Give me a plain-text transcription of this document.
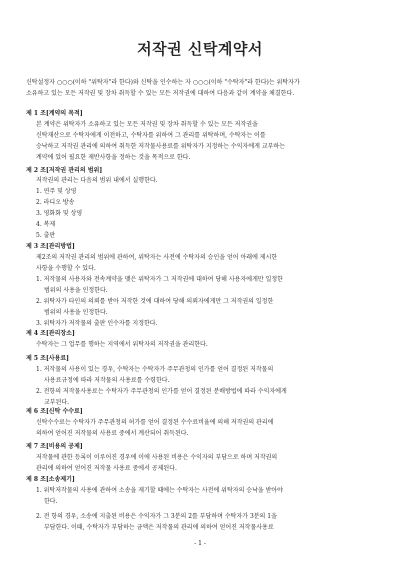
저작권 신탁계약서
신탁설정자 ○○○(이하 "위탁자"라 한다)와 신탁을 인수하는 자 ○○○(이하 "수탁자"라 한다)는 위탁자가
소유하고 있는 모든 저작권 및 장차 취득할 수 있는 모든 저작권에 대하여 다음과 같이 계약을 체결한다.
제 1 조[계약의 목적]
본 계약은 위탁자가 소유하고 있는 모든 저작권 및 장차 취득할 수 있는 모든 저작권을
신탁재산으로 수탁자에게 이전하고, 수탁자를 위하여 그 관리를 위탁하며, 수탁자는 이를
승낙하고 저작권 관리에 의하여 취득한 저작물사용료를 위탁자가 지정하는 수익자에게 교부하는
계약에 있어 필요한 제반사항을 정하는 것을 목적으로 한다.
제 2 조[저작권 관리의 범위]
저작권의 관리는 다음의 범위 내에서 실행한다.
1. 연주 및 상영
2. 라디오 방송
3. 영화화 및 상영
4. 복제
5. 출판
제 3 조[관리방법]
제2조의 저작권 관리의 범위에 관하여, 위탁자는 사전에 수탁자의 승인을 얻어 아래에 제시한
사항을 수행할 수 있다.
1. 저작물의 사용자와 전속계약을 맺은 위탁자가 그 저작권에 대하여 당해 사용자에게만 일정한
범위의 사용을 인정한다.
2. 위탁자가 타인의 의뢰를 받아 저작한 것에 대하여 당해 의뢰자에게만 그 저작권의 일정한
범위의 사용을 인정한다.
3. 위탁자가 저작물의 출판 인수자를 지정한다.
제 4 조[관리장소]
수탁자는 그 업무를 행하는 지역에서 위탁자의 저작권을 관리한다.
제 5 조[사용료]
1. 저작물의 사용이 있는 경우, 수탁자는 수탁자가 주무관청의 인가를 얻어 결정된 저작물의
사용료규정에 따라 저작물의 사용료를 수령한다.
2. 전항의 저작물사용료는 수탁자가 주무관청의 인가를 얻어 결정된 분배방법에 따라 수익자에게
교부된다.
제 6 조[신탁 수수료]
신탁수수료는 수탁자가 주무관청의 허가를 얻어 결정된 수수료비율에 의해 저작권의 관리에
의하여 얻어진 저작물의 사용료 중에서 계산되어 취득된다.
제 7 조[비용의 공제]
저작물에 관한 등록이 이루어진 경우에 이에 사용된 비용은 수익자의 부담으로 하며 저작권의
관리에 의하여 얻어진 저작물 사용료 중에서 공제된다.
제 8 조[소송제기]
1. 위탁저작물의 사용에 관하여 소송을 제기할 때에는 수탁자는 사전에 위탁자의 승낙을 받아야
한다.
2. 전 항의 경우, 소송에 지출된 비용은 수익자가 그 3분의 2를 부담하며 수탁자가 3분의 1을
부담한다. 이때, 수탁자가 부담하는 금액은 저작물의 관리에 의하여 얻어진 저작물사용료
- 1 -
